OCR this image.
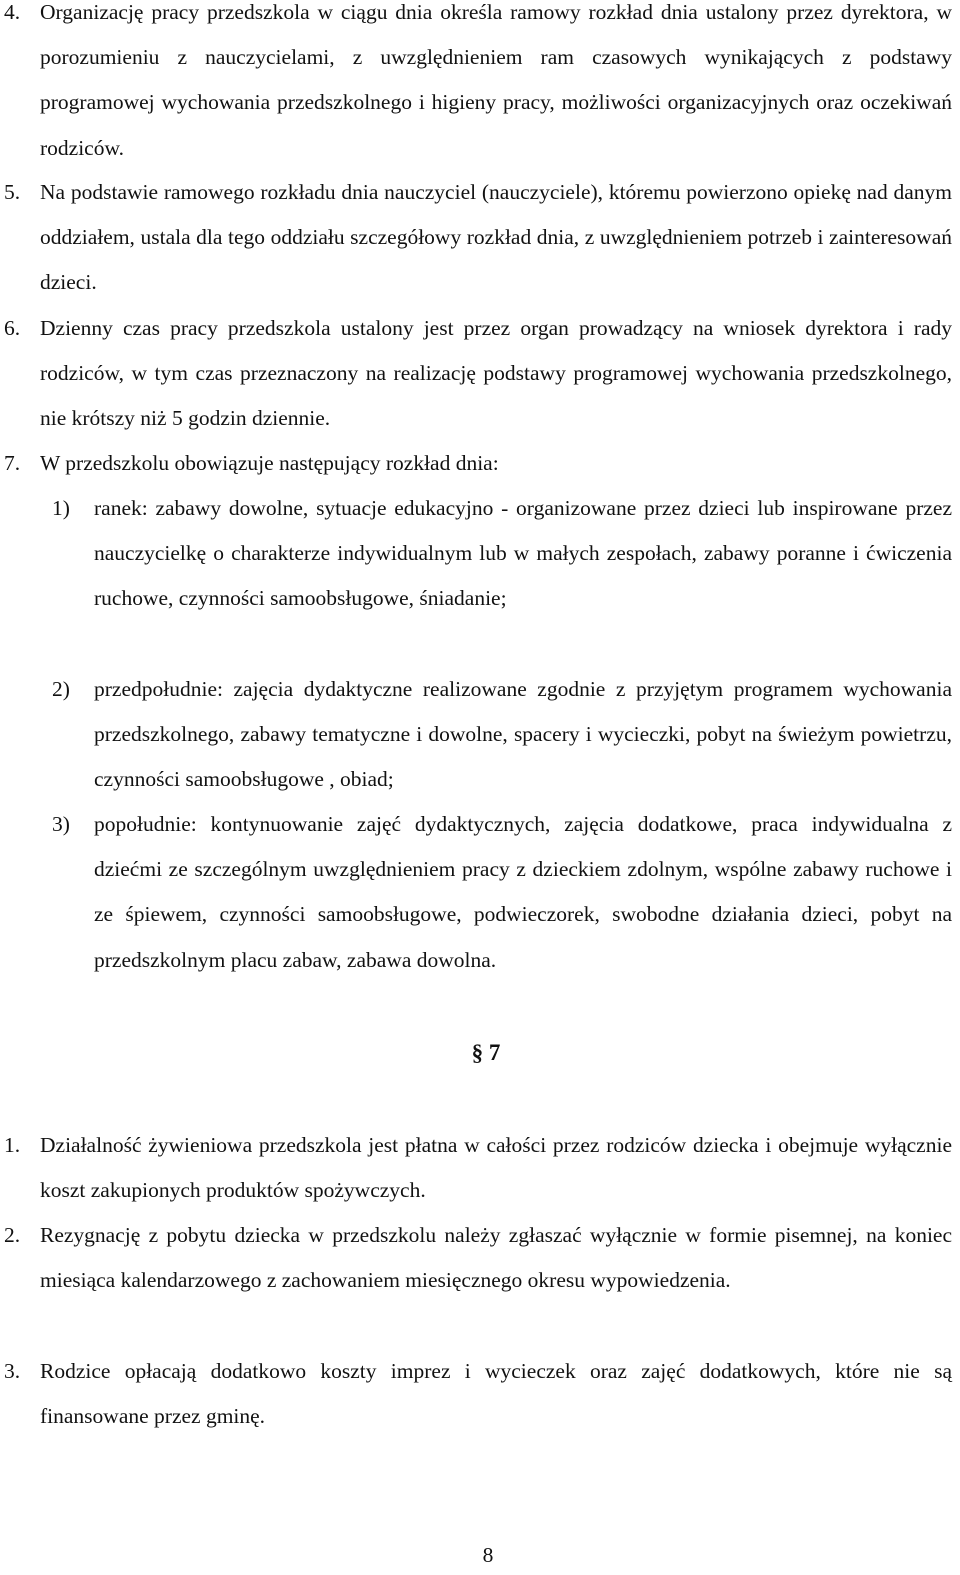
4. Organizację pracy przedszkola w ciągu dnia określa ramowy rozkład dnia ustalony przez dyrektora, w porozumieniu z nauczycielami, z uwzględnieniem ram czasowych wynikających z podstawy programowej wychowania przedszkolnego i higieny pracy, możliwości organizacyjnych oraz oczekiwań rodziców.
5. Na podstawie ramowego rozkładu dnia nauczyciel (nauczyciele), któremu powierzono opiekę nad danym oddziałem, ustala dla tego oddziału szczegółowy rozkład dnia, z uwzględnieniem potrzeb i zainteresowań dzieci.
6. Dzienny czas pracy przedszkola ustalony jest przez organ prowadzący na wniosek dyrektora i rady rodziców, w tym czas przeznaczony na realizację podstawy programowej wychowania przedszkolnego, nie krótszy niż 5 godzin dziennie.
7. W przedszkolu obowiązuje następujący rozkład dnia:
1) ranek: zabawy dowolne, sytuacje edukacyjno - organizowane przez dzieci lub inspirowane przez nauczycielkę o charakterze indywidualnym lub w małych zespołach, zabawy poranne i ćwiczenia ruchowe, czynności samoobsługowe, śniadanie;
2) przedpołudnie: zajęcia dydaktyczne realizowane zgodnie z przyjętym programem wychowania przedszkolnego, zabawy tematyczne i dowolne, spacery i wycieczki, pobyt na świeżym powietrzu, czynności samoobsługowe , obiad;
3) popołudnie: kontynuowanie zajęć dydaktycznych, zajęcia dodatkowe, praca indywidualna z dziećmi ze szczególnym uwzględnieniem pracy z dzieckiem zdolnym, wspólne zabawy ruchowe i ze śpiewem, czynności samoobsługowe, podwieczorek, swobodne działania dzieci, pobyt na przedszkolnym placu zabaw, zabawa dowolna.
§ 7
1. Działalność żywieniowa przedszkola jest płatna w całości przez rodziców dziecka i obejmuje wyłącznie koszt zakupionych produktów spożywczych.
2. Rezygnację z pobytu dziecka w przedszkolu należy zgłaszać wyłącznie w formie pisemnej, na koniec miesiąca kalendarzowego z zachowaniem miesięcznego okresu wypowiedzenia.
3. Rodzice opłacają dodatkowo koszty imprez i wycieczek oraz zajęć dodatkowych, które nie są finansowane przez gminę.
8
